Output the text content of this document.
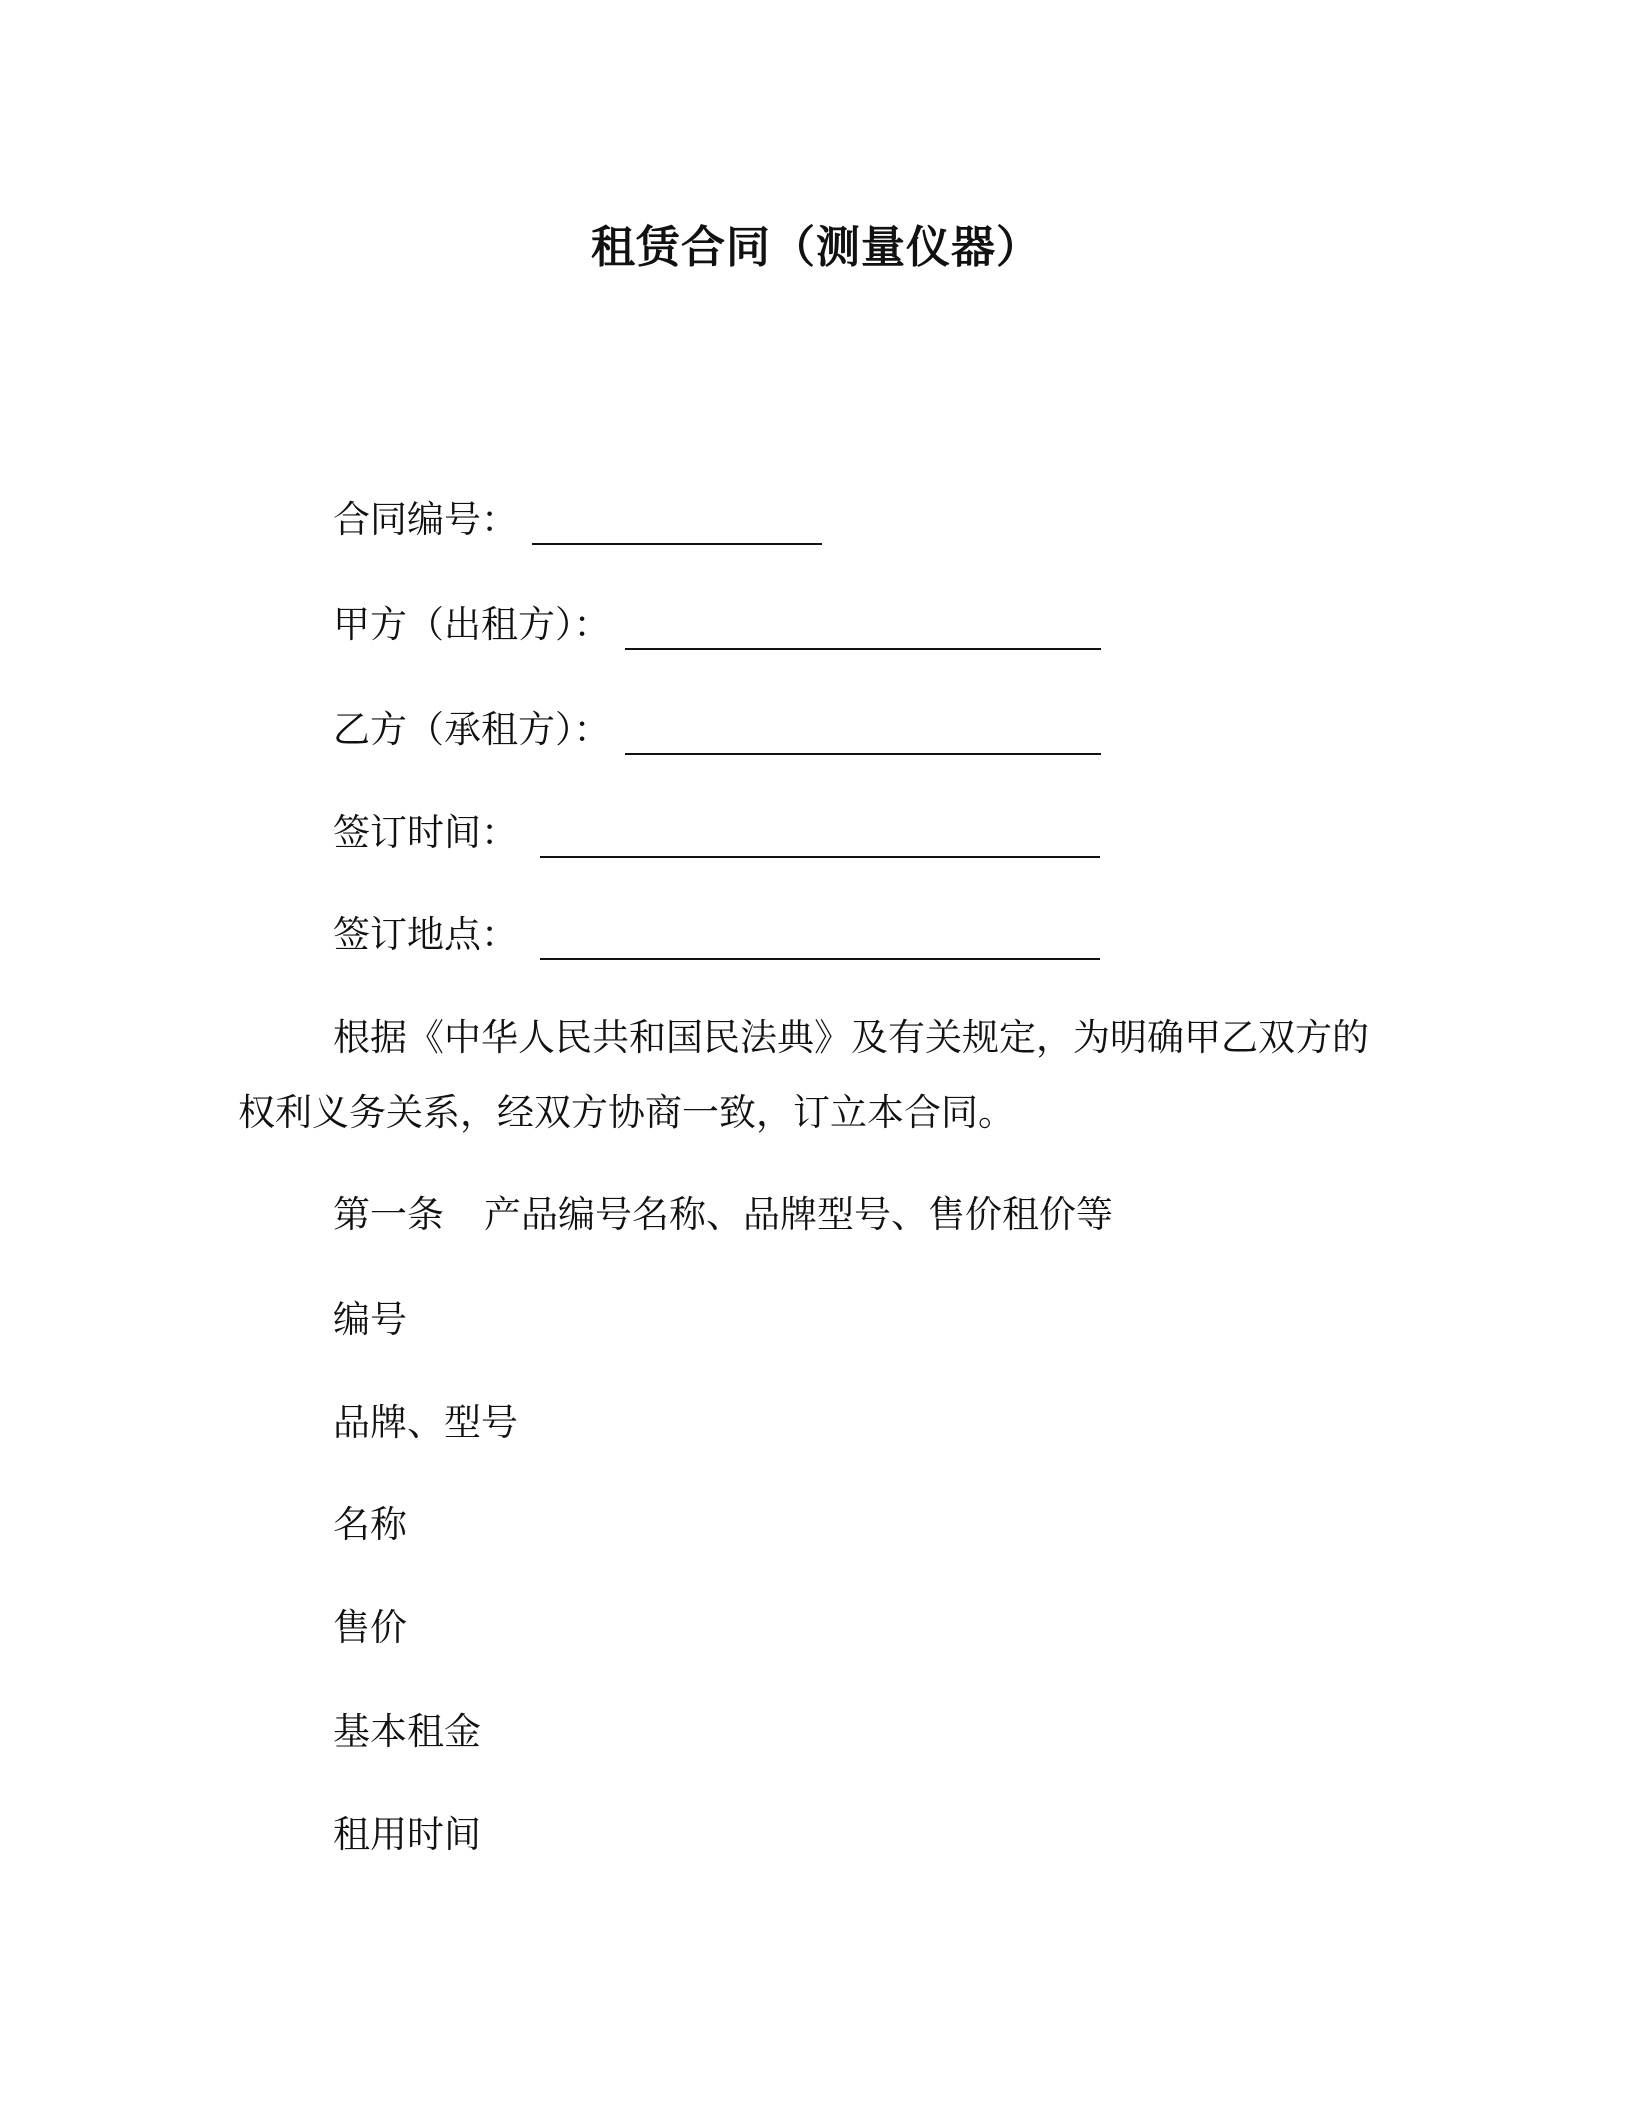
租赁合同（测量仪器）
合同编号：
甲方（出租方）：
乙方（承租方）：
签订时间：
签订地点：
根据《中华人民共和国民法典》及有关规定，为明确甲乙双方的
权利义务关系，经双方协商一致，订立本合同。
第一条 产品编号名称、品牌型号、售价租价等
编号
品牌、型号
名称
售价
基本租金
租用时间
